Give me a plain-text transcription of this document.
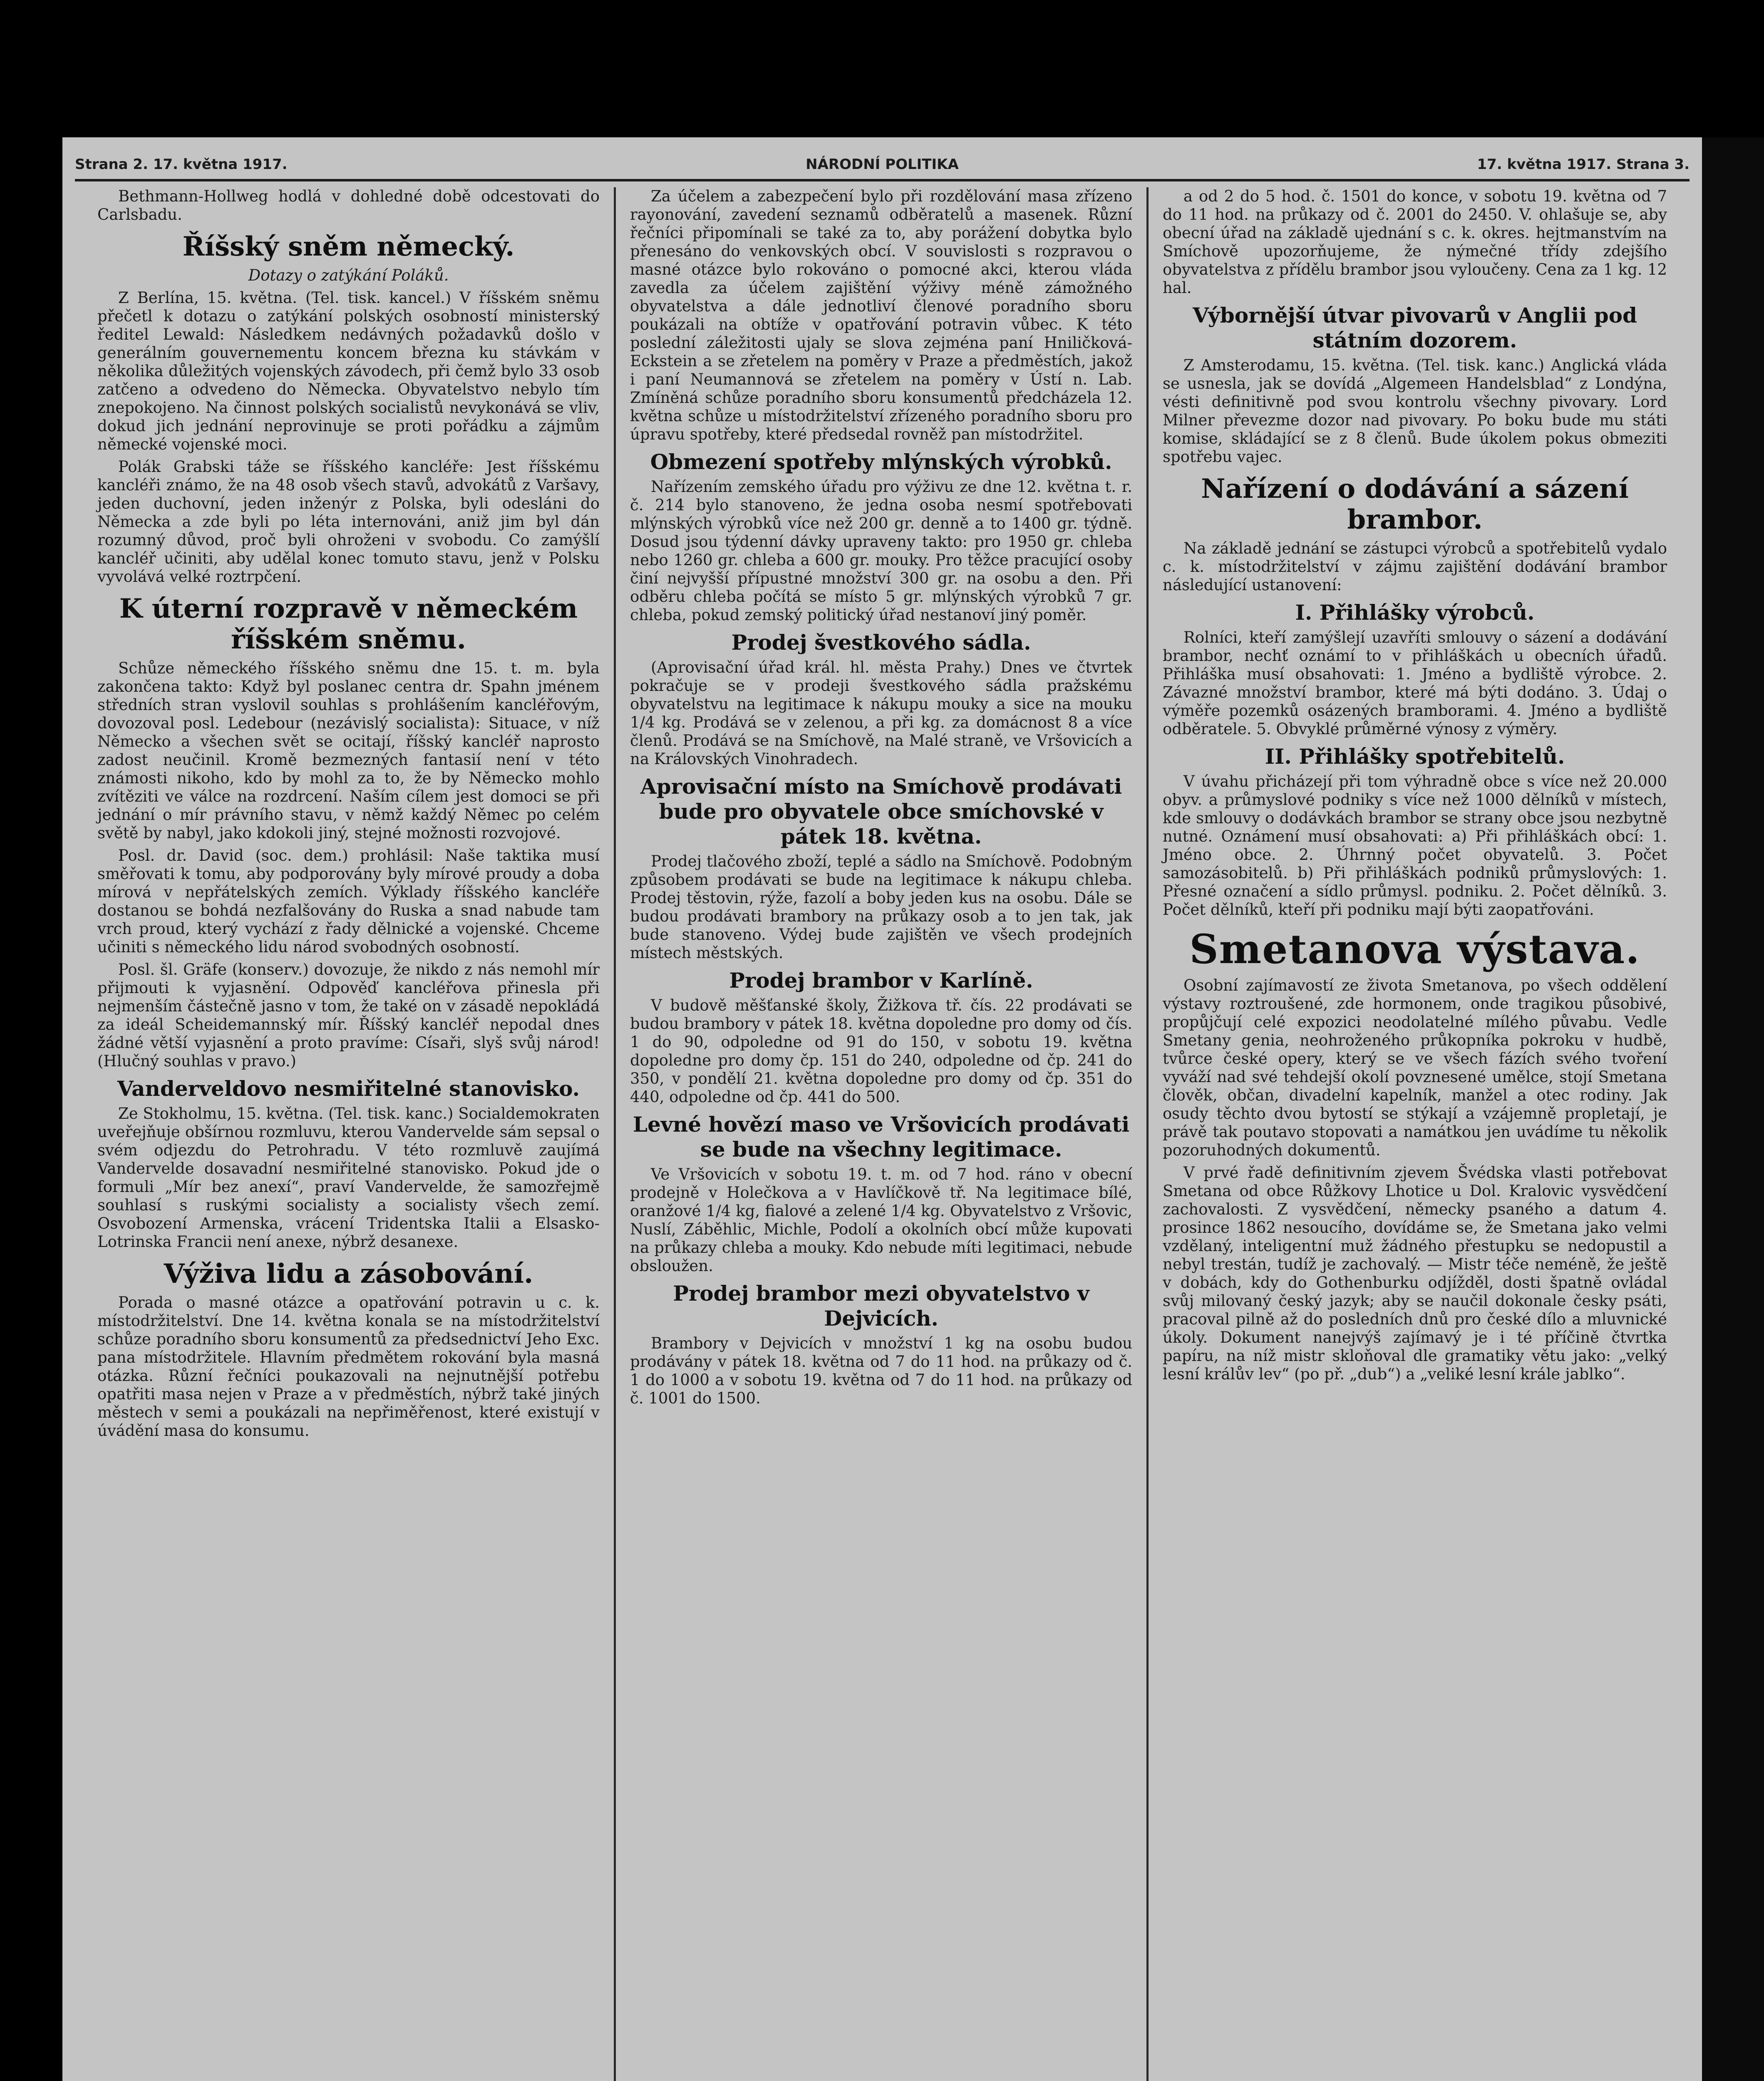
Strana 2. 17. května 1917.	NÁRODNÍ POLITIKA	17. května 1917. Strana 3.

Bethmann-Hollweg hodlá v dohledné době odcestovati do Carlsbadu.

Říšský sněm německý.

Dotazy o zatýkání Poláků.

Z Berlína, 15. května. (Tel. tisk. kancel.) V říšském sněmu přečetl k dotazu o zatýkání polských osobností ministerský ředitel Lewald: Následkem nedávných požadavků došlo v generálním gouvernementu koncem března ku stávkám v několika důležitých vojenských závodech, při čemž bylo 33 osob zatčeno a odvedeno do Německa. Obyvatelstvo nebylo tím znepokojeno. Na činnost polských socialistů nevykonává se vliv, dokud jich jednání neprovinuje se proti pořádku a zájmům německé vojenské moci.

Polák Grabski táže se říšského kancléře: Jest říšskému kancléři známo, že na 48 osob všech stavů, advokátů z Varšavy, jeden duchovní, jeden inženýr z Polska, byli odesláni do Německa a zde byli po léta internováni, aniž jim byl dán rozumný důvod, proč byli ohroženi v svobodu. Co zamýšlí kancléř učiniti, aby udělal konec tomuto stavu, jenž v Polsku vyvolává velké roztrpčení.

K úterní rozpravě v německém říšském sněmu.

Schůze německého říšského sněmu dne 15. t. m. byla zakončena takto: Když byl poslanec centra dr. Spahn jménem středních stran vyslovil souhlas s prohlášením kancléřovým, dovozoval posl. Ledebour (nezávislý socialista): Situace, v níž Německo a všechen svět se ocitají, říšský kancléř naprosto zadost neučinil. Kromě bezmezných fantasií není v této známosti nikoho, kdo by mohl za to, že by Německo mohlo zvítěziti ve válce na rozdrcení. Naším cílem jest domoci se při jednání o mír právního stavu, v němž každý Němec po celém světě by nabyl, jako kdokoli jiný, stejné možnosti rozvojové.

Posl. dr. David (soc. dem.) prohlásil: Naše taktika musí směřovati k tomu, aby podporovány byly mírové proudy a doba mírová v nepřátelských zemích. Výklady říšského kancléře dostanou se bohdá nezfalšovány do Ruska a snad nabude tam vrch proud, který vychází z řady dělnické a vojenské. Chceme učiniti s německého lidu národ svobodných osobností.

Posl. šl. Gräfe (konserv.) dovozuje, že nikdo z nás nemohl mír přijmouti k vyjasnění. Odpověď kancléřova přinesla při nejmenším částečně jasno v tom, že také on v zásadě nepokládá za ideál Scheidemannský mír. Říšský kancléř nepodal dnes žádné větší vyjasnění a proto pravíme: Císaři, slyš svůj národ! (Hlučný souhlas v pravo.)

Vanderveldovo nesmiřitelné stanovisko.

Ze Stokholmu, 15. května. (Tel. tisk. kanc.) Socialdemokraten uveřejňuje obšírnou rozmluvu, kterou Vandervelde sám sepsal o svém odjezdu do Petrohradu. V této rozmluvě zaujímá Vandervelde dosavadní nesmiřitelné stanovisko. Pokud jde o formuli „Mír bez anexí“, praví Vandervelde, že samozřejmě souhlasí s ruskými socialisty a socialisty všech zemí. Osvobození Armenska, vrácení Tridentska Italii a Elsasko-Lotrinska Francii není anexe, nýbrž desanexe.

Výživa lidu a zásobování.

Porada o masné otázce a opatřování potravin u c. k. místodržitelství. Dne 14. května konala se na místodržitelství schůze poradního sboru konsumentů za předsednictví Jeho Exc. pana místodržitele. Hlavním předmětem rokování byla masná otázka. Různí řečníci poukazovali na nejnutnější potřebu opatřiti masa nejen v Praze a v předměstích, nýbrž také jiných městech v semi a poukázali na nepřiměřenost, které existují v úvádění masa do konsumu.

Za účelem a zabezpečení bylo při rozdělování masa zřízeno rayonování, zavedení seznamů odběratelů a masenek. Různí řečníci připomínali se také za to, aby porážení dobytka bylo přenesáno do venkovských obcí. V souvislosti s rozpravou o masné otázce bylo rokováno o pomocné akci, kterou vláda zavedla za účelem zajištění výživy méně zámožného obyvatelstva a dále jednotliví členové poradního sboru poukázali na obtíže v opatřování potravin vůbec. K této poslední záležitosti ujaly se slova zejména paní Hniličková-Eckstein a se zřetelem na poměry v Praze a předměstích, jakož i paní Neumannová se zřetelem na poměry v Ústí n. Lab. Zmíněná schůze poradního sboru konsumentů předcházela 12. května schůze u místodržitelství zřízeného poradního sboru pro úpravu spotřeby, které předsedal rovněž pan místodržitel.

Obmezení spotřeby mlýnských výrobků.

Nařízením zemského úřadu pro výživu ze dne 12. května t. r. č. 214 bylo stanoveno, že jedna osoba nesmí spotřebovati mlýnských výrobků více než 200 gr. denně a to 1400 gr. týdně. Dosud jsou týdenní dávky upraveny takto: pro 1950 gr. chleba nebo 1260 gr. chleba a 600 gr. mouky. Pro těžce pracující osoby činí nejvyšší přípustné množství 300 gr. na osobu a den. Při odběru chleba počítá se místo 5 gr. mlýnských výrobků 7 gr. chleba, pokud zemský politický úřad nestanoví jiný poměr.

Prodej švestkového sádla.

(Aprovisační úřad král. hl. města Prahy.) Dnes ve čtvrtek pokračuje se v prodeji švestkového sádla pražskému obyvatelstvu na legitimace k nákupu mouky a sice na mouku 1/4 kg. Prodává se v zelenou, a při kg. za domácnost 8 a více členů. Prodává se na Smíchově, na Malé straně, ve Vršovicích a na Královských Vinohradech.

Aprovisační místo na Smíchově prodávati bude pro obyvatele obce smíchovské v pátek 18. května.

Prodej tlačového zboží, teplé a sádlo na Smíchově. Podobným způsobem prodávati se bude na legitimace k nákupu chleba. Prodej těstovin, rýže, fazolí a boby jeden kus na osobu. Dále se budou prodávati brambory na průkazy osob a to jen tak, jak bude stanoveno. Výdej bude zajištěn ve všech prodejních místech městských.

Prodej brambor v Karlíně.

V budově měšťanské školy, Žižkova tř. čís. 22 prodávati se budou brambory v pátek 18. května dopoledne pro domy od čís. 1 do 90, odpoledne od 91 do 150, v sobotu 19. května dopoledne pro domy čp. 151 do 240, odpoledne od čp. 241 do 350, v pondělí 21. května dopoledne pro domy od čp. 351 do 440, odpoledne od čp. 441 do 500.

Levné hovězí maso ve Vršovicích prodávati se bude na všechny legitimace.

Ve Vršovicích v sobotu 19. t. m. od 7 hod. ráno v obecní prodejně v Holečkova a v Havlíčkově tř. Na legitimace bílé, oranžové 1/4 kg, fialové a zelené 1/4 kg. Obyvatelstvo z Vršovic, Nuslí, Záběhlic, Michle, Podolí a okolních obcí může kupovati na průkazy chleba a mouky. Kdo nebude míti legitimaci, nebude obsloužen.

Prodej brambor mezi obyvatelstvo v Dejvicích.

Brambory v Dejvicích v množství 1 kg na osobu budou prodávány v pátek 18. května od 7 do 11 hod. na průkazy od č. 1 do 1000 a v sobotu 19. května od 7 do 11 hod. na průkazy od č. 1001 do 1500.

a od 2 do 5 hod. č. 1501 do konce, v sobotu 19. května od 7 do 11 hod. na průkazy od č. 2001 do 2450. V. ohlašuje se, aby obecní úřad na základě ujednání s c. k. okres. hejtmanstvím na Smíchově upozorňujeme, že nýmečné třídy zdejšího obyvatelstva z přídělu brambor jsou vyloučeny. Cena za 1 kg. 12 hal.

Výbornější útvar pivovarů v Anglii pod státním dozorem.

Z Amsterodamu, 15. května. (Tel. tisk. kanc.) Anglická vláda se usnesla, jak se dovídá „Algemeen Handelsblad“ z Londýna, vésti definitivně pod svou kontrolu všechny pivovary. Lord Milner převezme dozor nad pivovary. Po boku bude mu státi komise, skládající se z 8 členů. Bude úkolem pokus obmeziti spotřebu vajec.

Nařízení o dodávání a sázení brambor.

Na základě jednání se zástupci výrobců a spotřebitelů vydalo c. k. místodržitelství v zájmu zajištění dodávání brambor následující ustanovení:

I. Přihlášky výrobců.

Rolníci, kteří zamýšlejí uzavříti smlouvy o sázení a dodávání brambor, nechť oznámí to v přihláškách u obecních úřadů. Přihláška musí obsahovati: 1. Jméno a bydliště výrobce. 2. Závazné množství brambor, které má býti dodáno. 3. Údaj o výměře pozemků osázených bramborami. 4. Jméno a bydliště odběratele. 5. Obvyklé průměrné výnosy z výměry.

II. Přihlášky spotřebitelů.

V úvahu přicházejí při tom výhradně obce s více než 20.000 obyv. a průmyslové podniky s více než 1000 dělníků v místech, kde smlouvy o dodávkách brambor se strany obce jsou nezbytně nutné. Oznámení musí obsahovati: a) Při přihláškách obcí: 1. Jméno obce. 2. Úhrnný počet obyvatelů. 3. Počet samozásobitelů. b) Při přihláškách podniků průmyslových: 1. Přesné označení a sídlo průmysl. podniku. 2. Počet dělníků. 3. Počet dělníků, kteří při podniku mají býti zaopatřováni.

Smetanova výstava.

Osobní zajímavostí ze života Smetanova, po všech oddělení výstavy roztroušené, zde hormonem, onde tragikou působivé, propůjčují celé expozici neodolatelné mílého půvabu. Vedle Smetany genia, neohroženého průkopníka pokroku v hudbě, tvůrce české opery, který se ve všech fázích svého tvoření vyváží nad své tehdejší okolí povznesené umělce, stojí Smetana člověk, občan, divadelní kapelník, manžel a otec rodiny. Jak osudy těchto dvou bytostí se stýkají a vzájemně propletají, je právě tak poutavo stopovati a namátkou jen uvádíme tu několik pozoruhodných dokumentů.

V prvé řadě definitivním zjevem Švédska vlasti potřebovat Smetana od obce Růžkovy Lhotice u Dol. Kralovic vysvědčení zachovalosti. Z vysvědčení, německy psaného a datum 4. prosince 1862 nesoucího, dovídáme se, že Smetana jako velmi vzdělaný, inteligentní muž žádného přestupku se nedopustil a nebyl trestán, tudíž je zachovalý. — Mistr téče neméně, že ještě v dobách, kdy do Gothenburku odjížděl, dosti špatně ovládal svůj milovaný český jazyk; aby se naučil dokonale česky psáti, pracoval pilně až do posledních dnů pro české dílo a mluvnické úkoly. Dokument nanejvýš zajímavý je i té příčině čtvrtka papíru, na níž mistr skloňoval dle gramatiky větu jako: „velký lesní králův lev“ (po př. „dub“) a „veliké lesní krále jablko“.
